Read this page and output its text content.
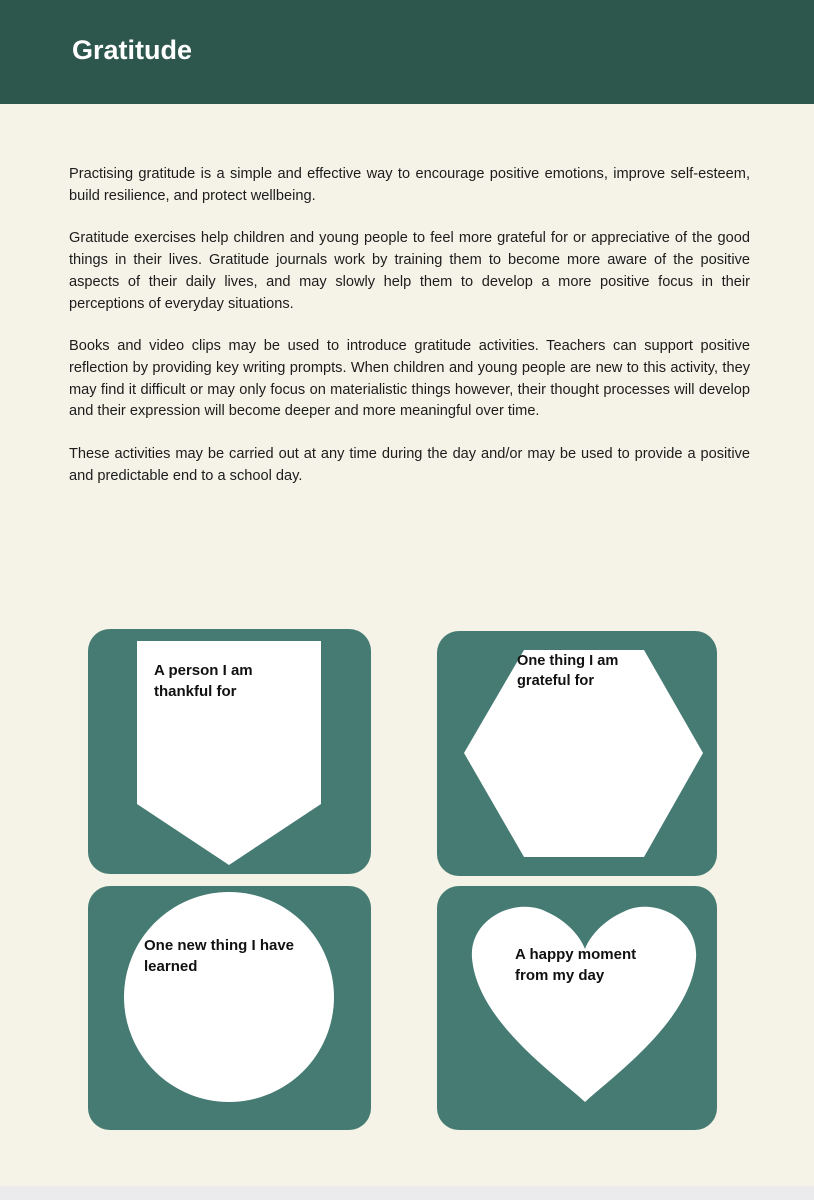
Gratitude

Practising gratitude is a simple and effective way to encourage positive emotions, improve self-esteem, build resilience, and protect wellbeing.

Gratitude exercises help children and young people to feel more grateful for or appreciative of the good things in their lives. Gratitude journals work by training them to become more aware of the positive aspects of their daily lives, and may slowly help them to develop a more positive focus in their perceptions of everyday situations.

Books and video clips may be used to introduce gratitude activities. Teachers can support positive reflection by providing key writing prompts. When children and young people are new to this activity, they may find it difficult or may only focus on materialistic things however, their thought processes will develop and their expression will become deeper and more meaningful over time.

These activities may be carried out at any time during the day and/or may be used to provide a positive and predictable end to a school day.

A person I am thankful for

One thing I am grateful for

One new thing I have learned

A happy moment from my day
